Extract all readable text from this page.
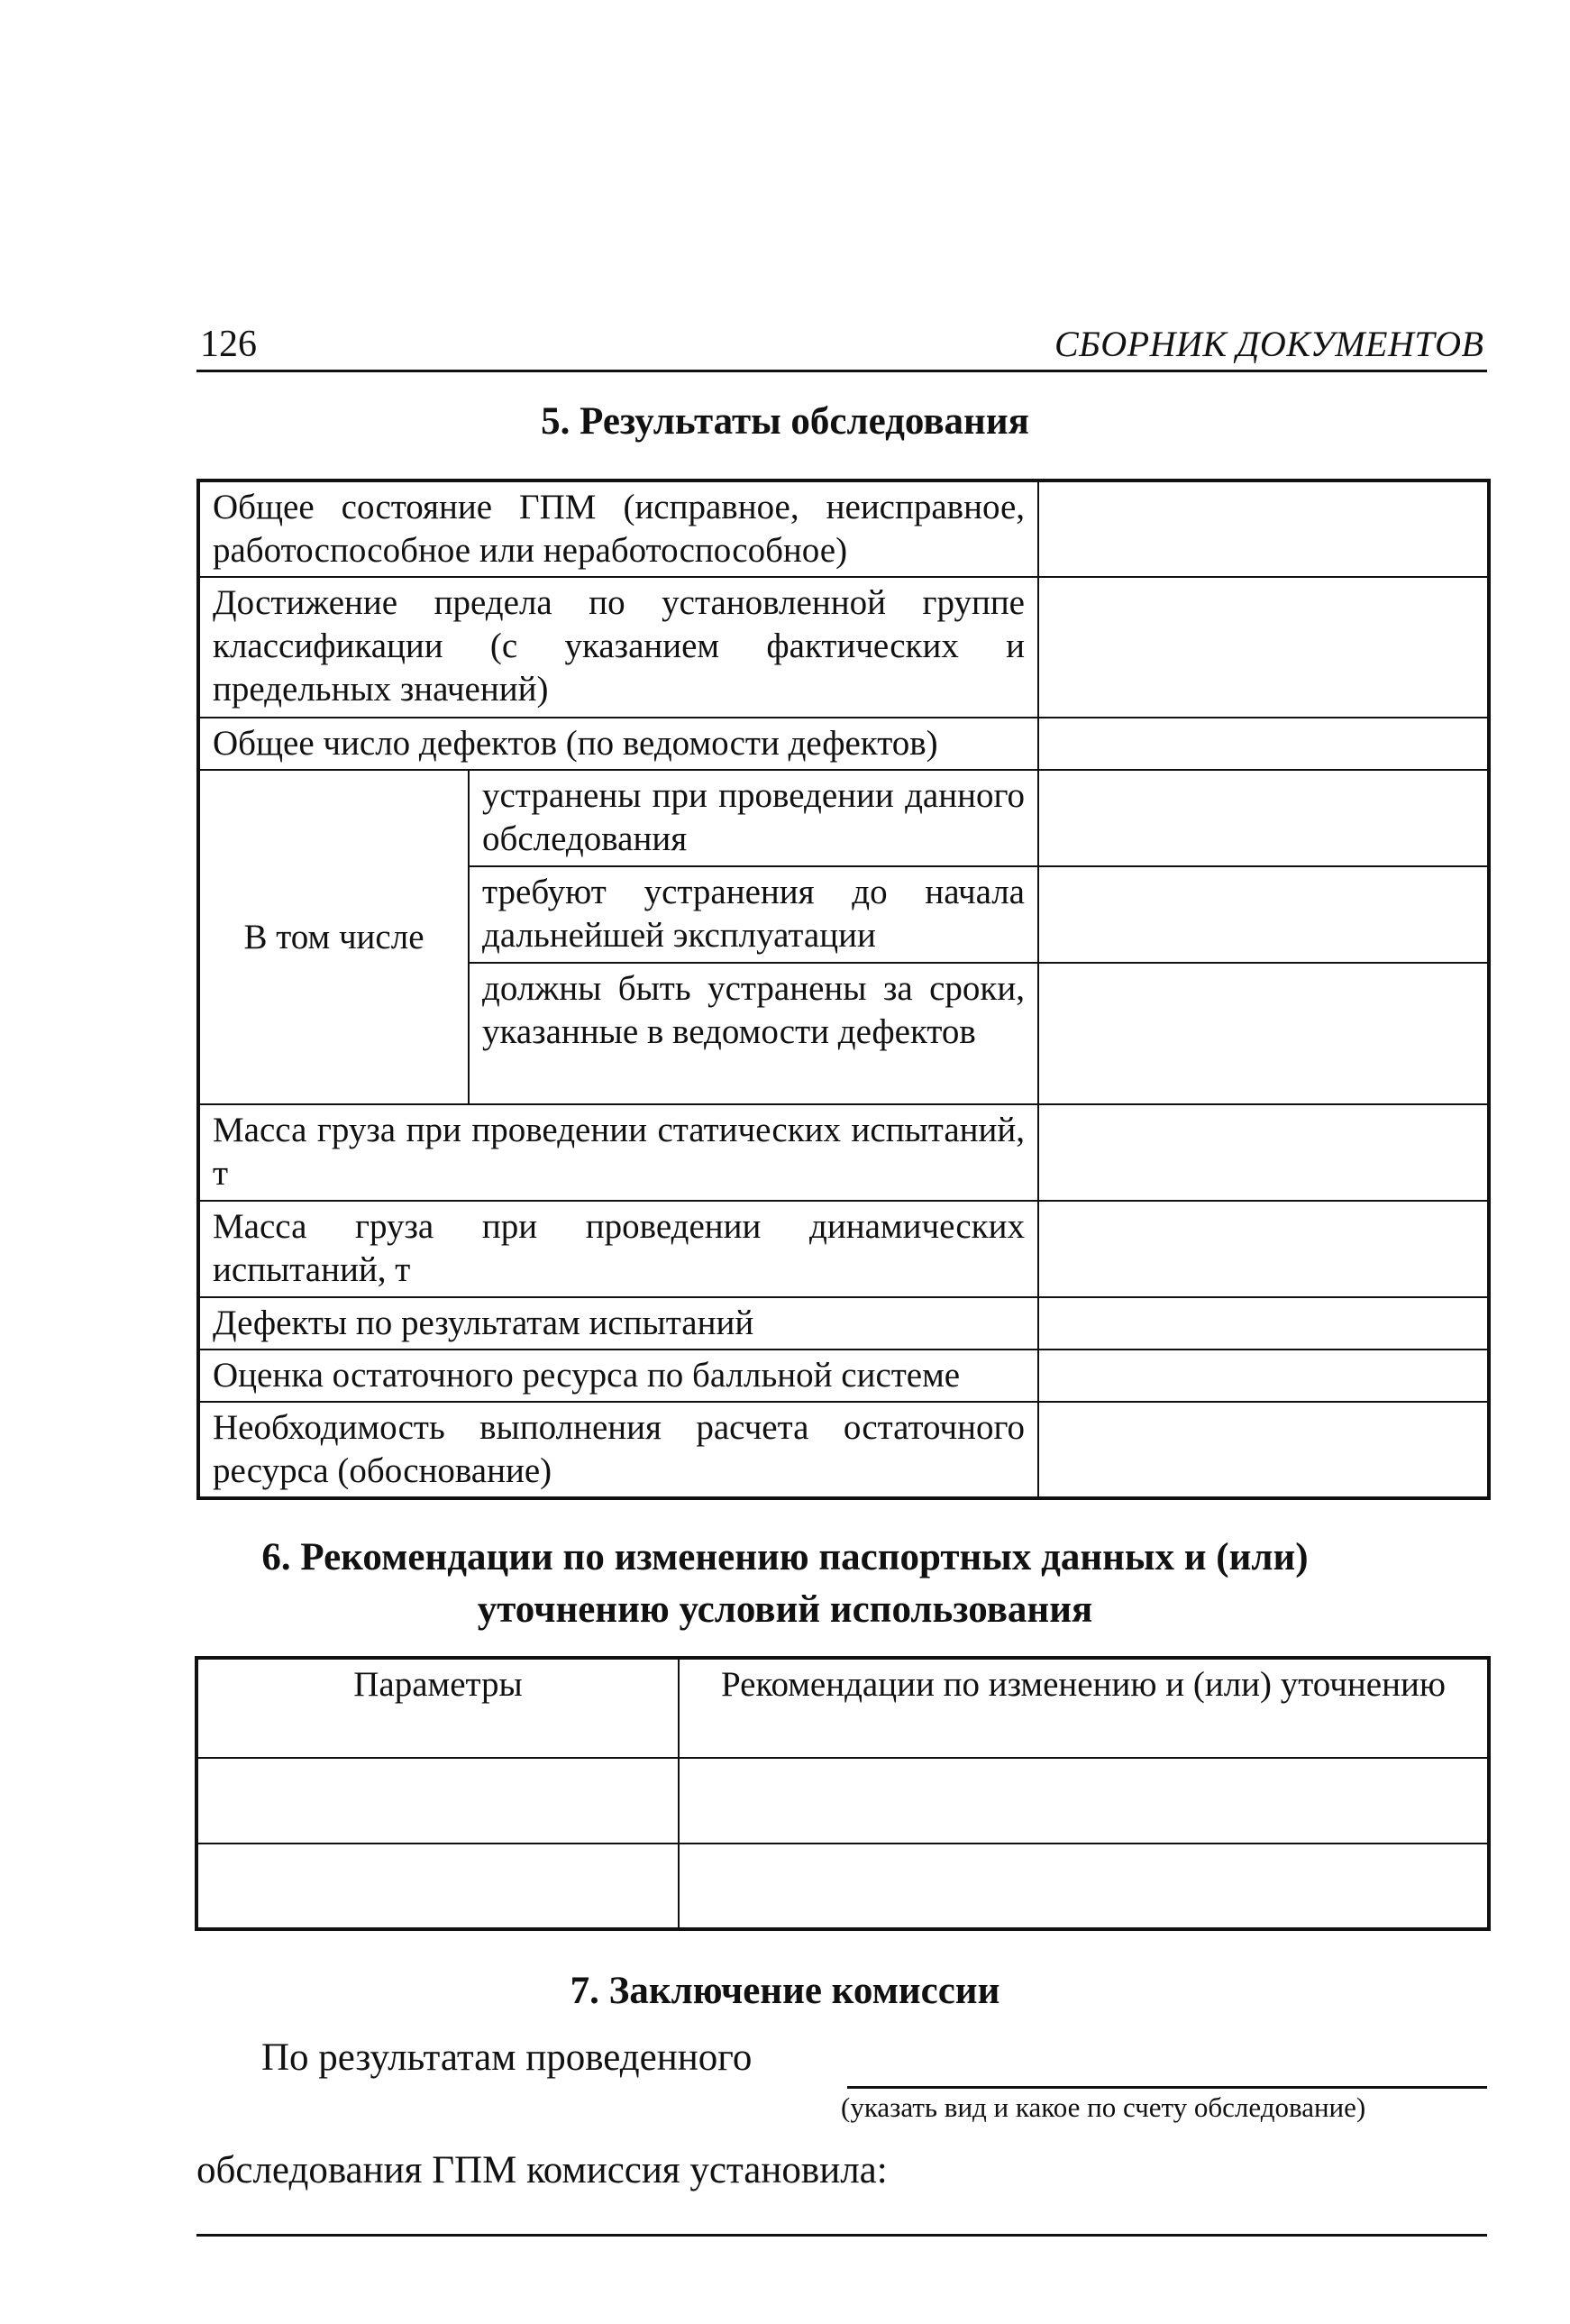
126	СБОРНИК ДОКУМЕНТОВ
5. Результаты обследования
Общее состояние ГПМ (исправное, неисправное, работоспособное или неработоспособное)		
Достижение предела по установленной группе классификации (с указанием фактических и предельных значений)		
Общее число дефектов (по ведомости дефектов)		
В том числе	устранены при проведении данного обследования	
	требуют устранения до начала дальнейшей эксплуатации	
	должны быть устранены за сроки, указанные в ведомости дефектов	
Масса груза при проведении статических испытаний, т		
Масса груза при проведении динамических испытаний, т		
Дефекты по результатам испытаний		
Оценка остаточного ресурса по балльной системе		
Необходимость выполнения расчета остаточного ресурса (обоснование)		
6. Рекомендации по изменению паспортных данных и (или)
уточнению условий использования
Параметры	Рекомендации по изменению и (или) уточнению

7. Заключение комиссии
По результатам проведенного
(указать вид и какое по счету обследование)
обследования ГПМ комиссия установила:
